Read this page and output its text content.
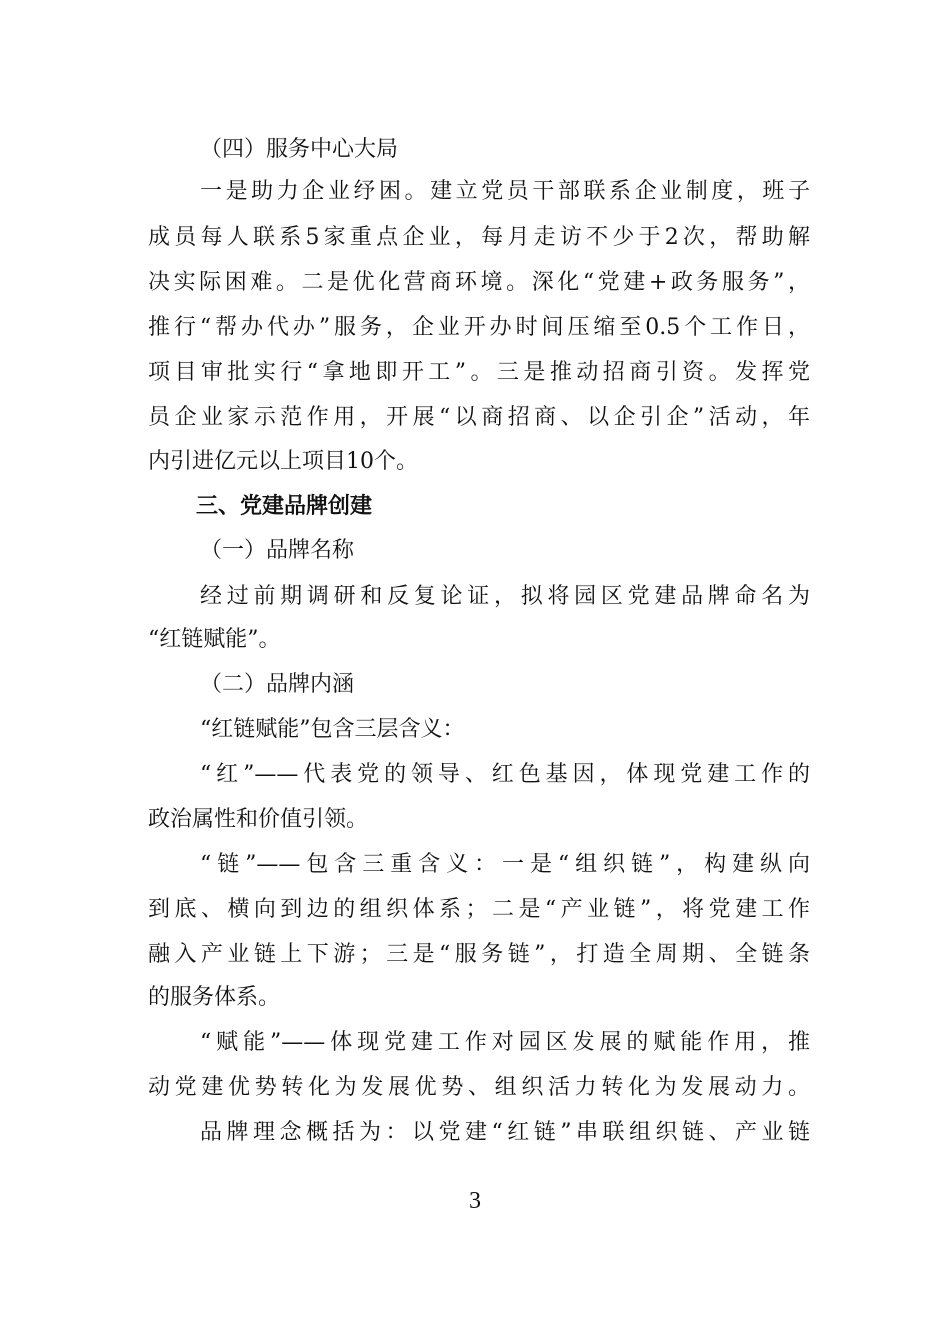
（四）服务中心大局
一是助力企业纾困。建立党员干部联系企业制度，班子
成员每人联系5家重点企业，每月走访不少于2次，帮助解
决实际困难。二是优化营商环境。深化“党建+政务服务”，
推行“帮办代办”服务，企业开办时间压缩至0.5个工作日，
项目审批实行“拿地即开工”。三是推动招商引资。发挥党
员企业家示范作用，开展“以商招商、以企引企”活动，年
内引进亿元以上项目10个。
三、党建品牌创建
（一）品牌名称
经过前期调研和反复论证，拟将园区党建品牌命名为
“红链赋能”。
（二）品牌内涵
“红链赋能”包含三层含义：
“红”——代表党的领导、红色基因，体现党建工作的
政治属性和价值引领。
“链”——包含三重含义：一是“组织链”，构建纵向
到底、横向到边的组织体系；二是“产业链”，将党建工作
融入产业链上下游；三是“服务链”，打造全周期、全链条
的服务体系。
“赋能”——体现党建工作对园区发展的赋能作用，推
动党建优势转化为发展优势、组织活力转化为发展动力。
品牌理念概括为：以党建“红链”串联组织链、产业链
3
